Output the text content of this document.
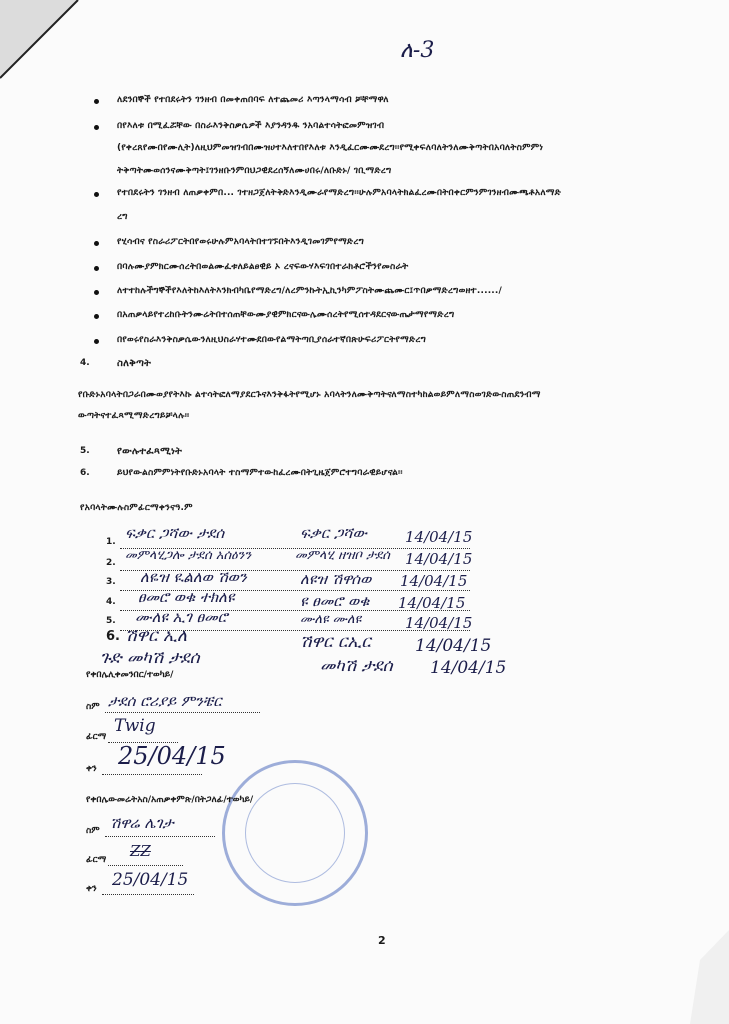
ለ-3
ለደንበኞች የተበደሩትን ገንዘብ በመቀጠበባፍ ለተጨመሪ እጣንላማሳብ ቻቸማዋለ
በየእለቱ በሚፈሯቸው በስራእንቅስቃሴዎች እያንዳንዱ ንአባልተሳትፎመምዝገብ
(የቀረጸየሙበየሙሊት)ለዚህምመዝገብበሙዝሀተእለተበየእለቱ እንዲፈርሙሙደረግ፡፡የሚቀፍለባለትንለሙቅጣትበአባለትስምምነ
ትቅጣትሙወሰንናሙቅጣት፤ገንዘቡንምበህጋዊደረሰኝለሙሀበሩ/ለቡድኑ/ ገቢማድረግ
የተበደሩትን ገንዘብ ለጠቃቀምበ... ገተዘጋጀለትቅድእንዲሙራየማድረግ፡፡ሁሉምአባላትክልፈረሙበትበቀርምንምገንዘብሙጫቶአለማድ
ረግ
የሂሳብና የስራሪፖርትበየወሩሁሉምአባላትበተገኙበትእንዲገመገምየማድረግ
በባሉሙያምክርሙሰረትበወልሙፈቱለይልፀዊይ ኦ ረናፍውሃእፍገበተራክቶሮችንየመስራት
ለተተከሉችግኞችየእለትከእለትእንክብካቤየማድረግ/ለረምንኩትኢኪንካምፖስትሙጨሙር፤ጥበቃማድረግወዘተ....../
በአጠቃላይየተረከቡትንሙሬትበተሰጠቸውሙያዊምክርናውሌሙሰረትየሚሰተዳደርናውጤታማየማድረግ
በየወሩየስራእንቅስቃሴውንለዚህስራሃተሙደበውየልማትጣቢያሰራተኛበጽሁፍሪፖርትየማድረግ
4.	ስለቅጣት
የቡድኑአባላትበጋራበሙወያየትእኩ ልተሳትፎለማያደርጉናእንቅፋትየሚሆኑ አባላትንለሙቅጣትናለማስተካከልወይምለማስወገድውስጠደንብማ
ውጣትናተፈጻሚማድረግይቻላሉ፡፡
5.	የውሉተፈጻሚነት
6.	ይህየውልስምምነትየቡድኑአባላት ተስማምተውከፈረሙበትጊዜጀምሮተግባራዊይሆናል፡፡
የአባላትሙሉስምፊርማቀንናዓ.ም
1. ፍቃር ጋሻው ታደሰ	ፍቃር ጋሻው	14/04/15
2. መምላሂጋሎ ታደሰ አሰዕንን	መምላሂ ዘዝቦ ታደሰ 14/04/15
3. ለዬዝ ዪልለወ ሽወን	ለዩዝ ሽዋሰወ 14/04/15
4. ፀመሮ ወቁ ተክለዩ	ዩ ፀመሮ ወቁ 14/04/15
5. ሙለዩ ኢገ ፀመሮ	ሙለዩ ሙለዩ	14/04/15
6. ሽዋር ኢለ	ሽዋር ርኢር	14/04/15
ጉድ መካሽ ታደሰ	መካሽ ታደሰ 14/04/15
የቀበሌሊቀመንበር/ተወካይ/
ስም ታደሰ ሮሪያይ ምንቼር
ፊርማ
Twig
ቀን 25/04/15
የቀበሌውመሬትአስ/አጠቃቀምጽ/በትጋለፊ/ተወካይ/
ስም ሽዋሬ ሌገታ
ፊርማ ZZ
ቀን 25/04/15
2
